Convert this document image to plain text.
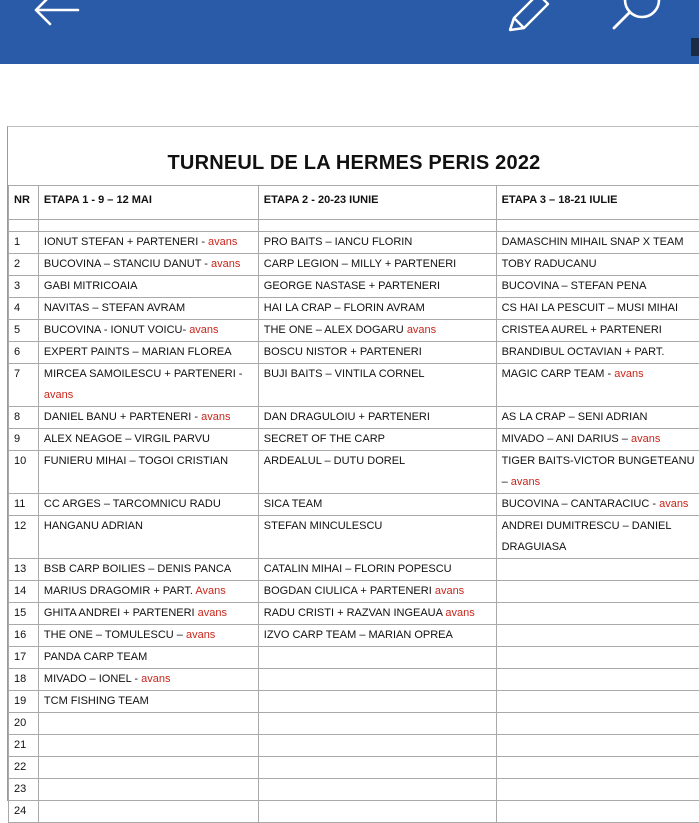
TURNEUL DE LA HERMES PERIS 2022
NR	ETAPA 1 - 9 – 12 MAI	ETAPA 2 - 20-23 IUNIE	ETAPA 3 – 18-21 IULIE

1	IONUT STEFAN + PARTENERI - avans	PRO BAITS – IANCU FLORIN	DAMASCHIN MIHAIL SNAP X TEAM
2	BUCOVINA – STANCIU DANUT - avans	CARP LEGION – MILLY + PARTENERI	TOBY RADUCANU
3	GABI MITRICOAIA	GEORGE NASTASE + PARTENERI	BUCOVINA – STEFAN PENA
4	NAVITAS – STEFAN AVRAM	HAI LA CRAP – FLORIN AVRAM	CS HAI LA PESCUIT – MUSI MIHAI
5	BUCOVINA - IONUT VOICU- avans	THE ONE – ALEX DOGARU avans	CRISTEA AUREL + PARTENERI
6	EXPERT PAINTS – MARIAN FLOREA	BOSCU NISTOR + PARTENERI	BRANDIBUL OCTAVIAN + PART.
7	MIRCEA SAMOILESCU + PARTENERI - avans	BUJI BAITS – VINTILA CORNEL	MAGIC CARP TEAM - avans
8	DANIEL BANU + PARTENERI - avans	DAN DRAGULOIU + PARTENERI	AS LA CRAP – SENI ADRIAN
9	ALEX NEAGOE – VIRGIL PARVU	SECRET OF THE CARP	MIVADO – ANI DARIUS – avans
10	FUNIERU MIHAI – TOGOI CRISTIAN	ARDEALUL – DUTU DOREL	TIGER BAITS-VICTOR BUNGETEANU – avans
11	CC ARGES – TARCOMNICU RADU	SICA TEAM	BUCOVINA – CANTARACIUC - avans
12	HANGANU ADRIAN	STEFAN MINCULESCU	ANDREI DUMITRESCU – DANIEL DRAGUIASA
13	BSB CARP BOILIES – DENIS PANCA	CATALIN MIHAI – FLORIN POPESCU	
14	MARIUS DRAGOMIR + PART. Avans	BOGDAN CIULICA + PARTENERI avans	
15	GHITA ANDREI + PARTENERI avans	RADU CRISTI + RAZVAN INGEAUA avans	
16	THE ONE – TOMULESCU – avans	IZVO CARP TEAM – MARIAN OPREA	
17	PANDA CARP TEAM		
18	MIVADO – IONEL - avans		
19	TCM FISHING TEAM		
20			
21			
22			
23			
24			
